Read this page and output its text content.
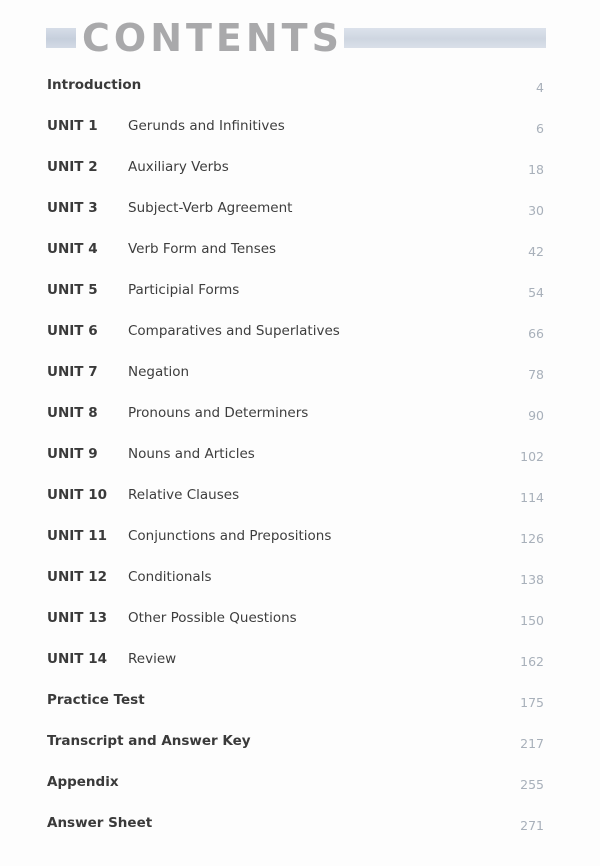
CONTENTS
Introduction	4
UNIT 1 Gerunds and Infinitives	6
UNIT 2 Auxiliary Verbs	18
UNIT 3 Subject-Verb Agreement	30
UNIT 4 Verb Form and Tenses	42
UNIT 5 Participial Forms	54
UNIT 6 Comparatives and Superlatives	66
UNIT 7 Negation	78
UNIT 8 Pronouns and Determiners	90
UNIT 9 Nouns and Articles	102
UNIT 10 Relative Clauses	114
UNIT 11 Conjunctions and Prepositions	126
UNIT 12 Conditionals	138
UNIT 13 Other Possible Questions	150
UNIT 14 Review	162
Practice Test	175
Transcript and Answer Key	217
Appendix	255
Answer Sheet	271
